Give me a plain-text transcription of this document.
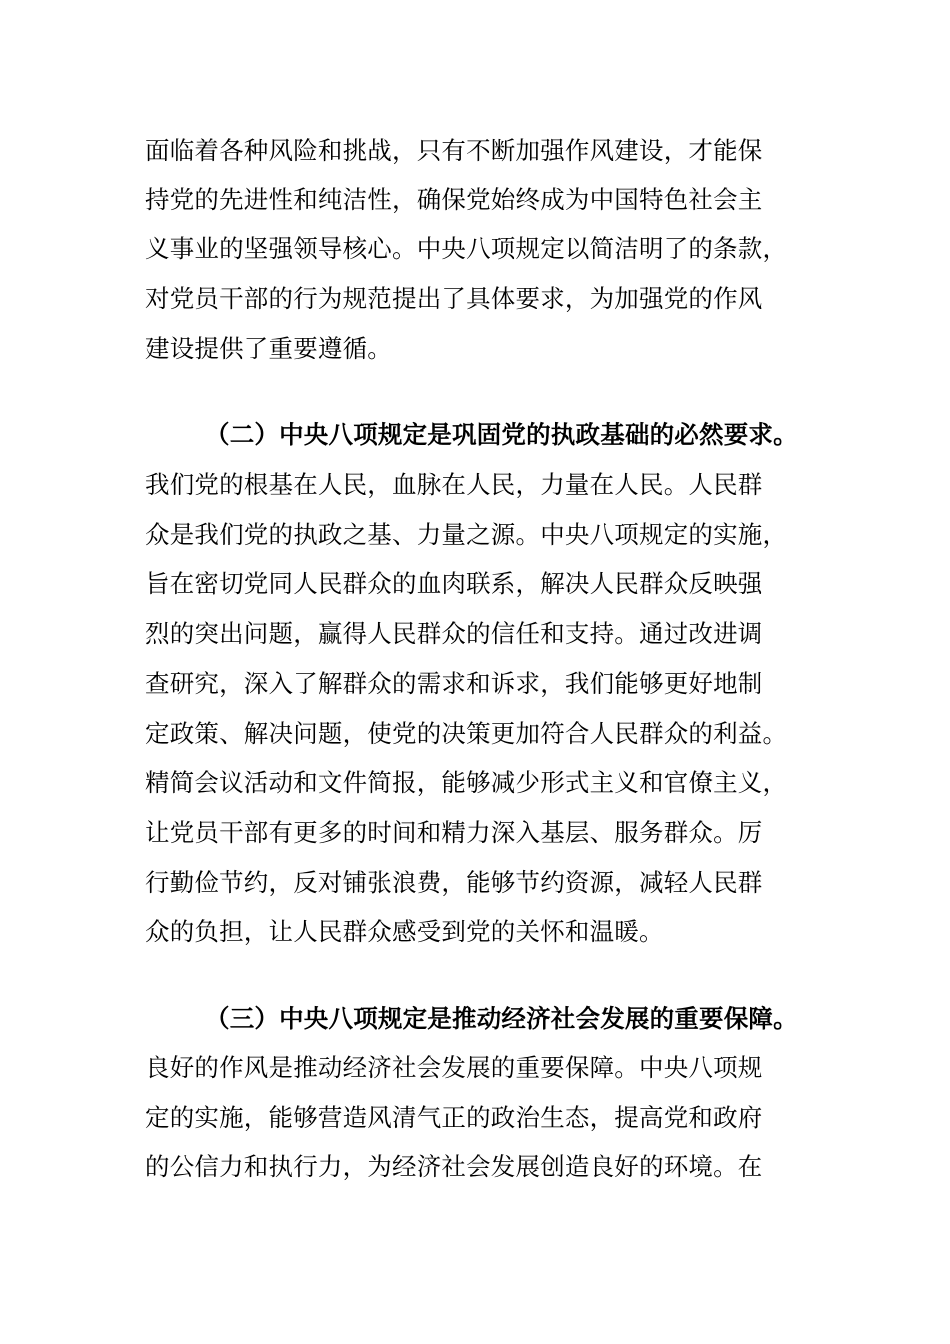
面临着各种风险和挑战，只有不断加强作风建设，才能保

持党的先进性和纯洁性，确保党始终成为中国特色社会主

义事业的坚强领导核心。中央八项规定以简洁明了的条款，

对党员干部的行为规范提出了具体要求，为加强党的作风

建设提供了重要遵循。

（二）中央八项规定是巩固党的执政基础的必然要求。

我们党的根基在人民，血脉在人民，力量在人民。人民群

众是我们党的执政之基、力量之源。中央八项规定的实施，

旨在密切党同人民群众的血肉联系，解决人民群众反映强

烈的突出问题，赢得人民群众的信任和支持。通过改进调

查研究，深入了解群众的需求和诉求，我们能够更好地制

定政策、解决问题，使党的决策更加符合人民群众的利益。

精简会议活动和文件简报，能够减少形式主义和官僚主义，

让党员干部有更多的时间和精力深入基层、服务群众。厉

行勤俭节约，反对铺张浪费，能够节约资源，减轻人民群

众的负担，让人民群众感受到党的关怀和温暖。

（三）中央八项规定是推动经济社会发展的重要保障。

良好的作风是推动经济社会发展的重要保障。中央八项规

定的实施，能够营造风清气正的政治生态，提高党和政府

的公信力和执行力，为经济社会发展创造良好的环境。在
